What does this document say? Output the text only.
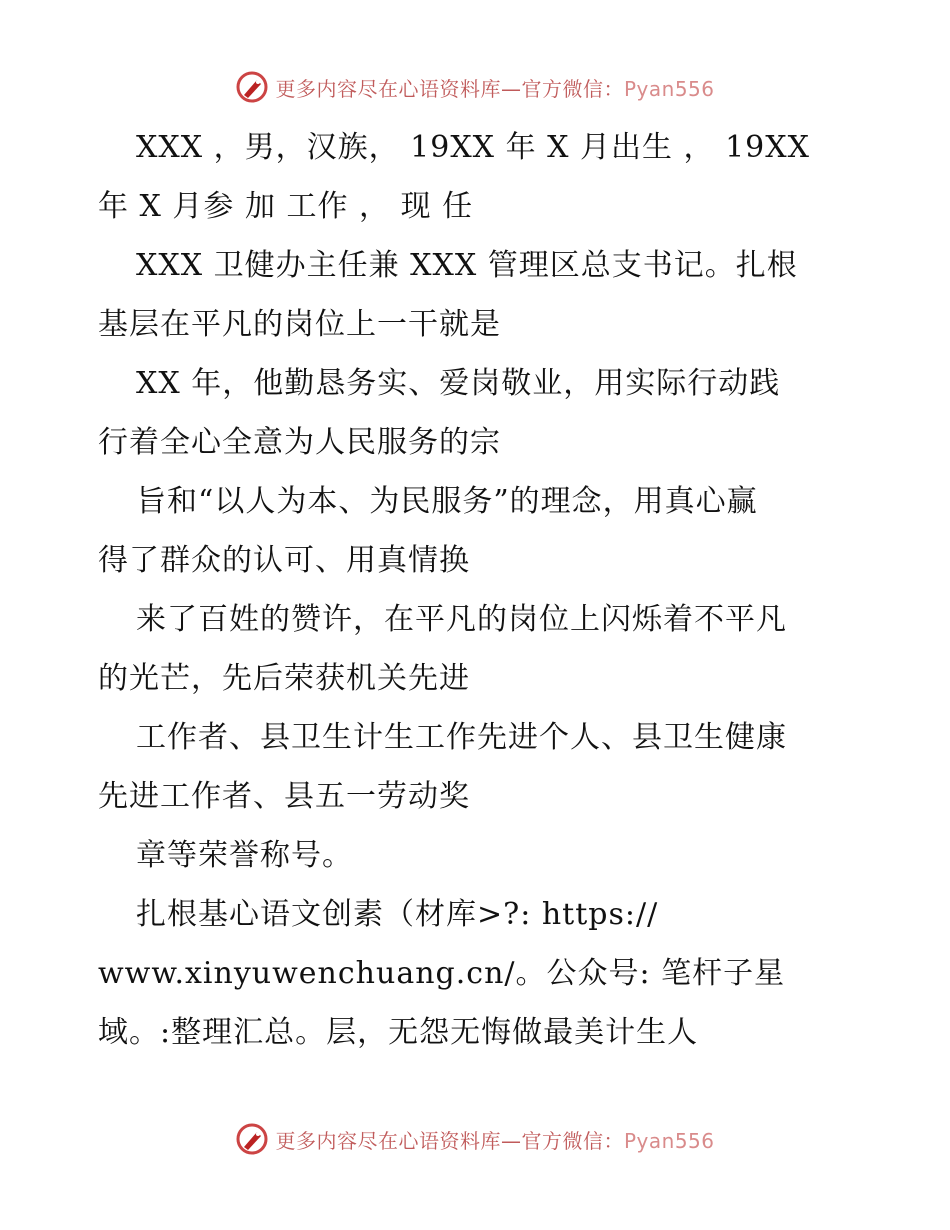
更多内容尽在心语资料库—官方微信：Pyan556
XXX ，男，汉族， 19XX 年 X 月出生 ， 19XX
年 X 月参 加 工作 ， 现 任
XXX 卫健办主任兼 XXX 管理区总支书记。扎根
基层在平凡的岗位上一干就是
XX 年，他勤恳务实、爱岗敬业，用实际行动践
行着全心全意为人民服务的宗
旨和“以人为本、为民服务”的理念，用真心赢
得了群众的认可、用真情换
来了百姓的赞许，在平凡的岗位上闪烁着不平凡
的光芒，先后荣获机关先进
工作者、县卫生计生工作先进个人、县卫生健康
先进工作者、县五一劳动奖
章等荣誉称号。
扎根基心语文创素（材库>?: https://
www.xinyuwenchuang.cn/。公众号: 笔杆子星
域。:整理汇总。层，无怨无悔做最美计生人
更多内容尽在心语资料库—官方微信：Pyan556
